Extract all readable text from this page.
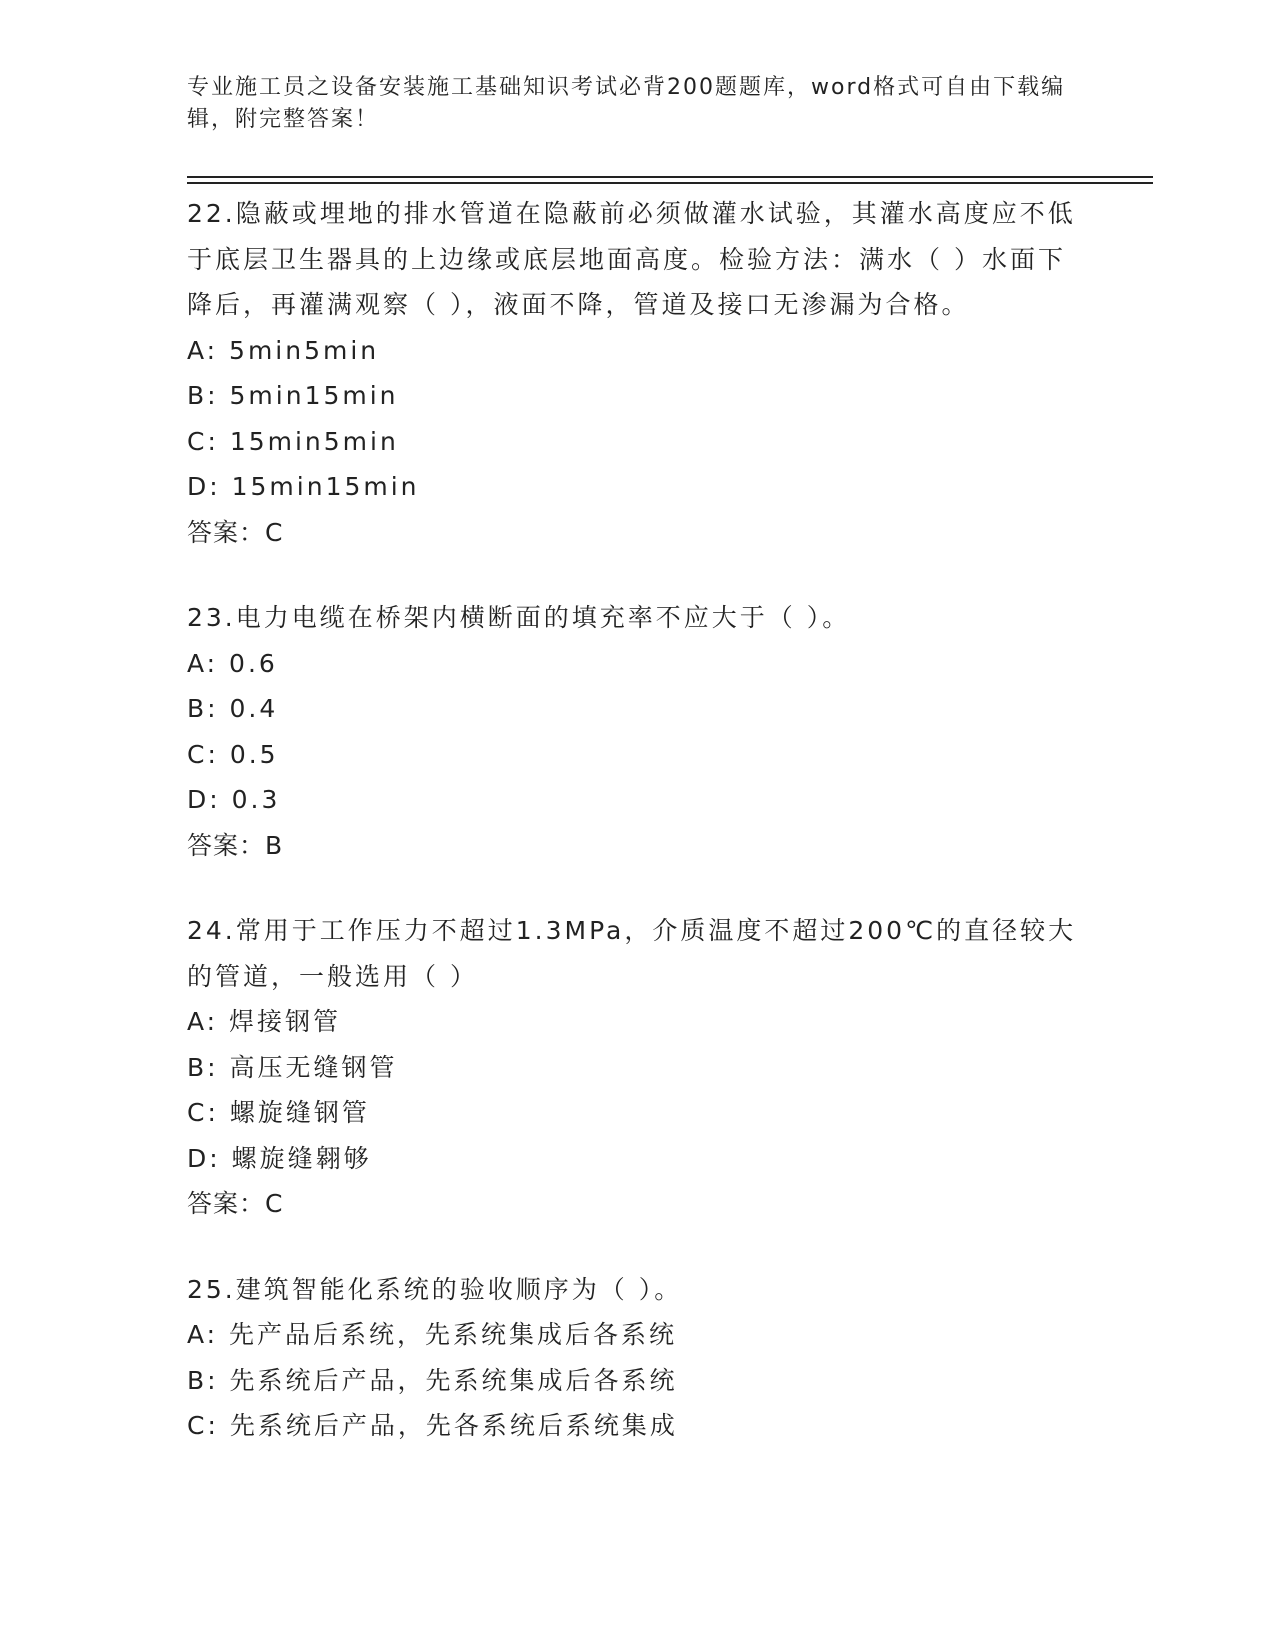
专业施工员之设备安装施工基础知识考试必背200题题库，word格式可自由下载编辑，附完整答案！
22.隐蔽或埋地的排水管道在隐蔽前必须做灌水试验，其灌水高度应不低于底层卫生器具的上边缘或底层地面高度。检验方法：满水（ ）水面下降后，再灌满观察（ ），液面不降，管道及接口无渗漏为合格。
A: 5min5min
B: 5min15min
C: 15min5min
D: 15min15min
答案：C
23.电力电缆在桥架内横断面的填充率不应大于（ ）。
A: 0.6
B: 0.4
C: 0.5
D: 0.3
答案：B
24.常用于工作压力不超过1.3MPa，介质温度不超过200℃的直径较大的管道，一般选用（ ）
A: 焊接钢管
B: 高压无缝钢管
C: 螺旋缝钢管
D: 螺旋缝翱够
答案：C
25.建筑智能化系统的验收顺序为（ ）。
A: 先产品后系统，先系统集成后各系统
B: 先系统后产品，先系统集成后各系统
C: 先系统后产品，先各系统后系统集成
